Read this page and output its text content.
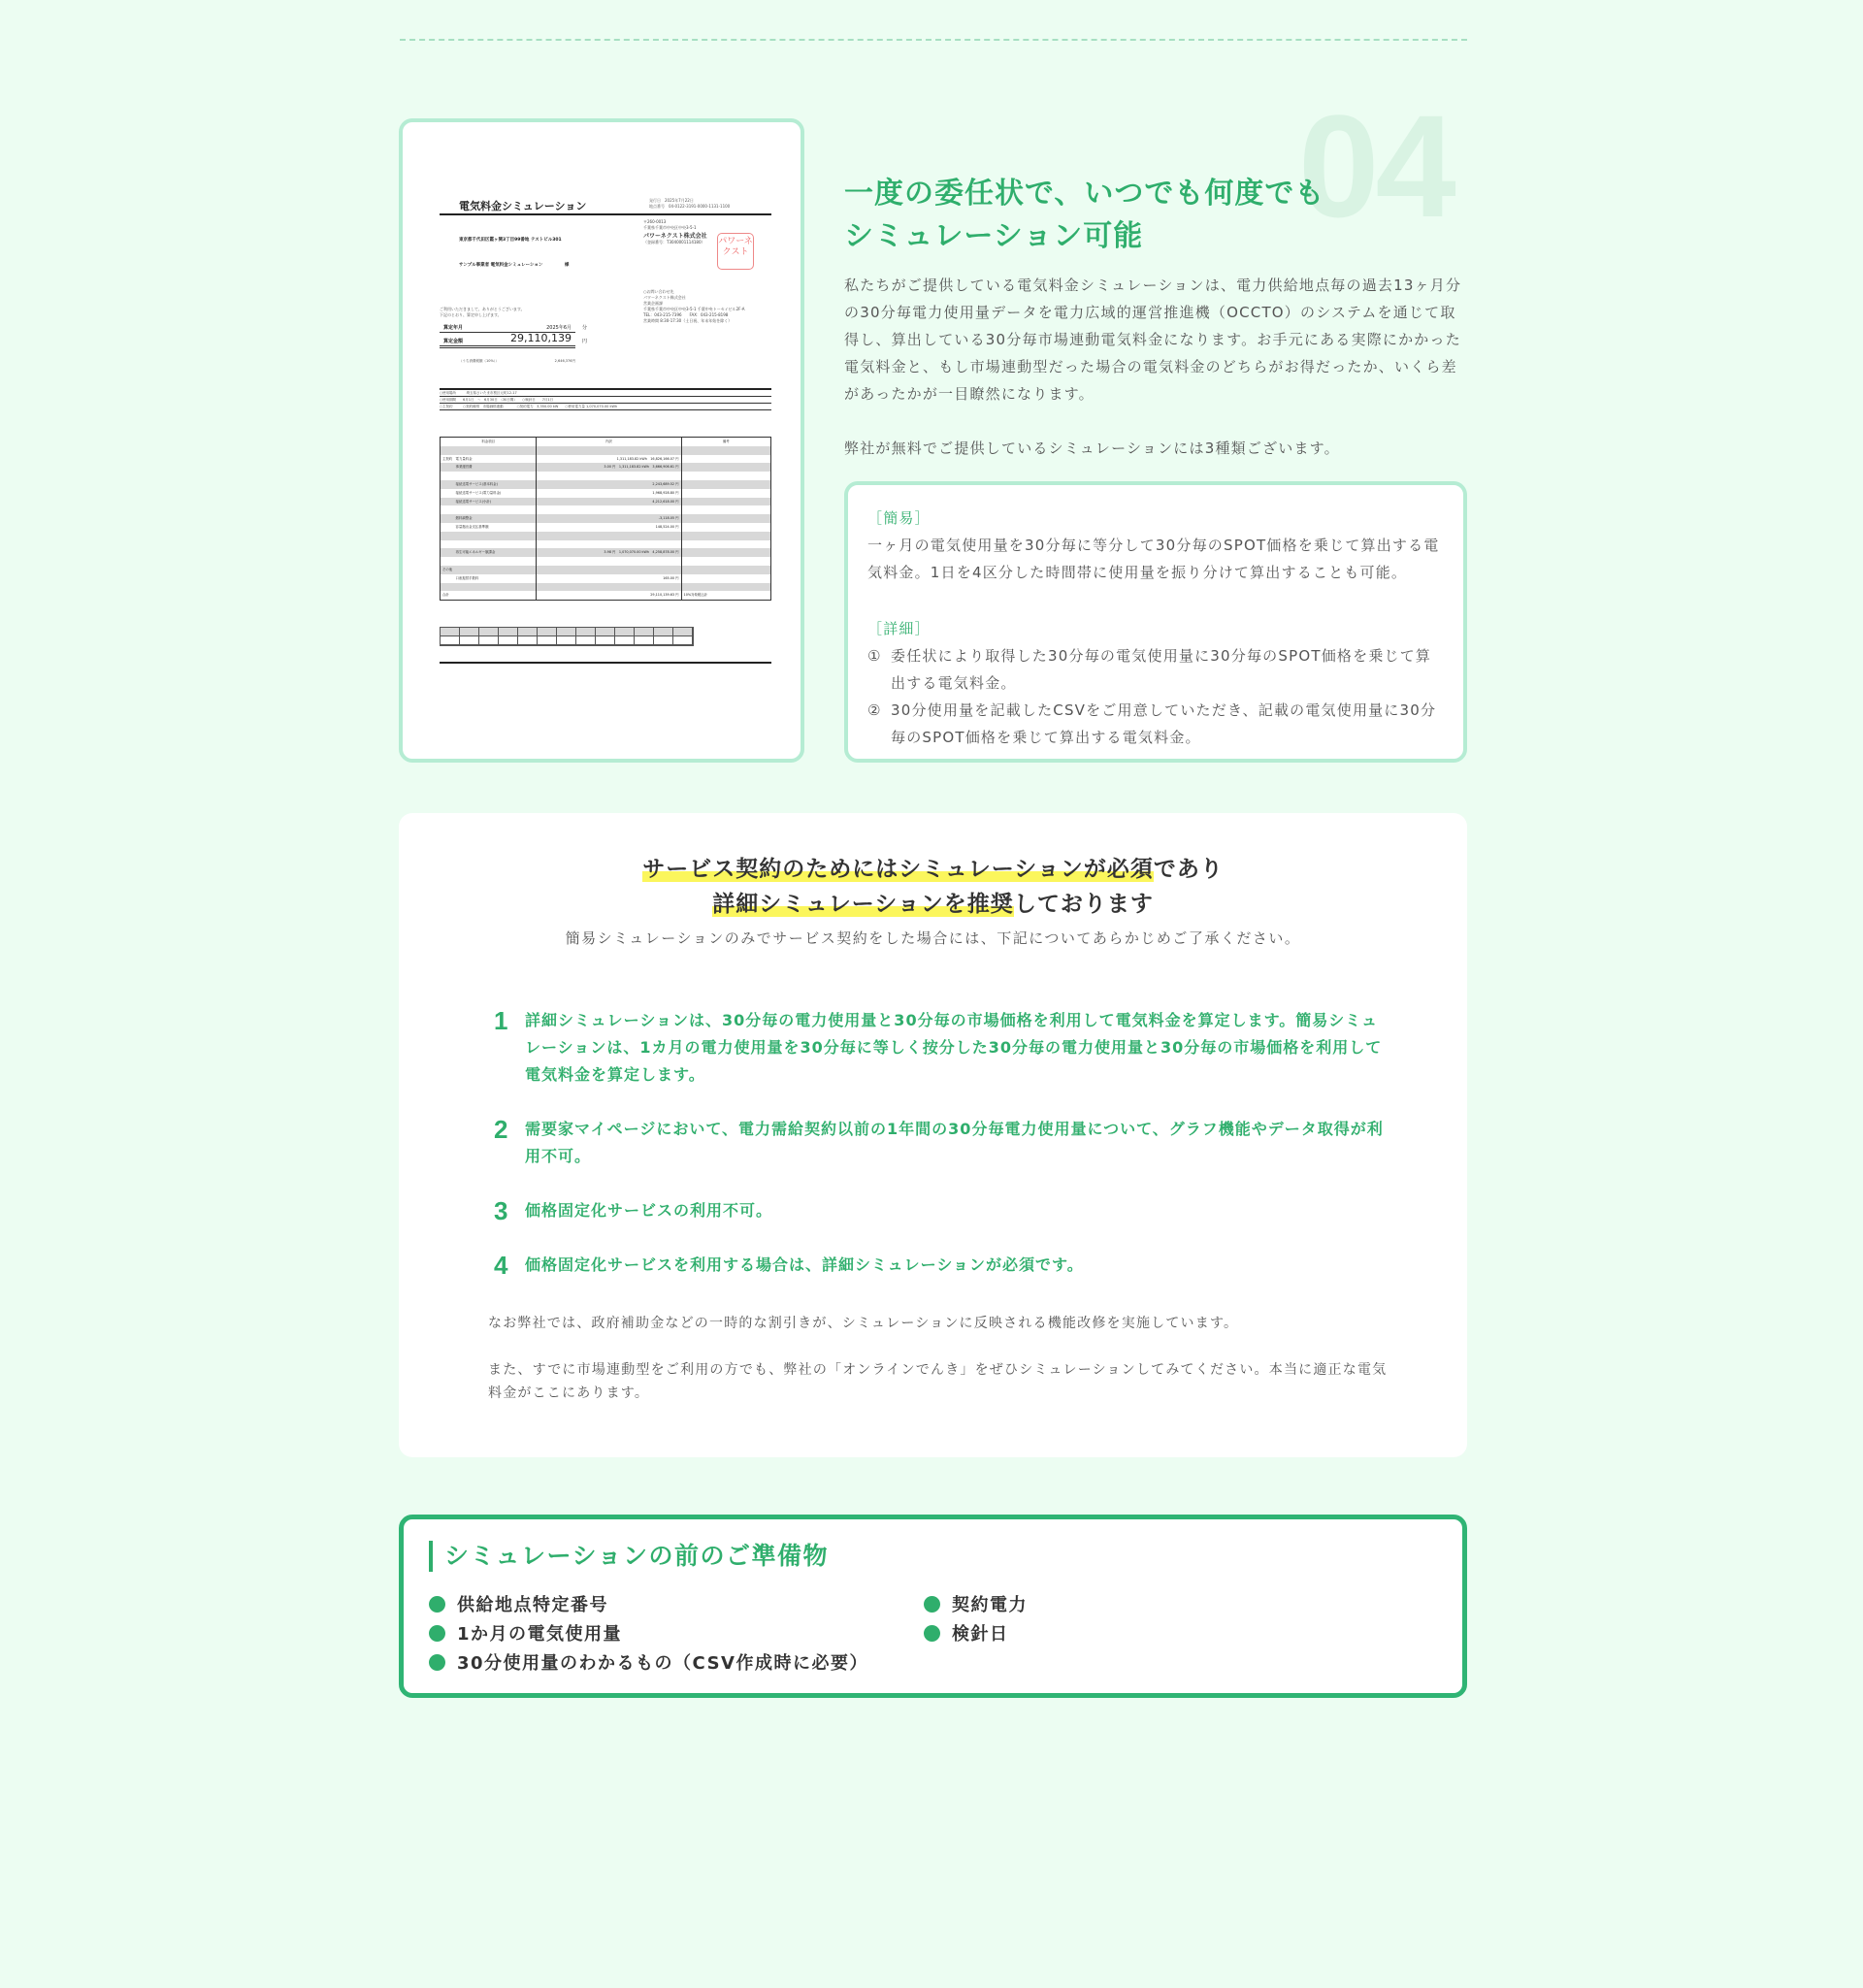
電気料金シミュレーション	発行日　 2025年7月22日
地点番号　 04-0122-3191-0000-1131-1100
東京都千代田区霞ヶ関3丁目99番地 テストビル301
サンプル事業者 電気料金シミュレーション　　　　　	様
〒260-0013
千葉県千葉市中央区中央3-5-1
パワーネクスト株式会社
（登録番号：T3040001114180） パワーネクスト
○お問い合わせ先
パワーネクスト株式会社
営業企画課
千葉県千葉市中央区中央3-5-1 千葉中央トーセイビル2F-A
TEL：043-215-7396　　FAX：043-215-8198
営業時間 8:30-17:30（土日祝、年末年始を除く）
ご利用いただきまして、ありがとうございます。
下記のとおり、算定申し上げます。
算定年月	2025年6月 分
算定金額	29,110,139 円
（うち消費税額（10%））	2,646,376 円
○使用場所　　　埼玉県さいたま市桜区元町12-17
○使用期間　　6月1日　～　6月30日　（30日間）　　○検針日　　7月1日
○主契約　　　○契約種別　市場価格連動　　　　○契約電力　3,350.00 kW　　○使用電力量 1,070,070.00 kWh
料金項目	内訳	備考
主契約　電力量料金	1,311,183.82 kWh　16,826,166.07 円
　　　　事業運営費	3.00 円　1,311,183.82 kWh　3,666,906.61 円
　　　　接続送電サービス(基本料金)	2,243,689.52 円
　　　　接続送電サービス(電力量料金)	1,968,928.80 円
　　　　接続送電サービス(小計)	4,212,618.00 円
　　　　燃料調整金	-3,118.05 円
　　　　容量拠出金支払基準額	148,524.00 円
　　　　再生可能エネルギー賦課金	3.98 円　1,070,070.00 kWh　4,258,878.00 円
その他
　　　　口座振替手数料	165.00 円
合計	29,110,139.63 円	10%対象税込計
04
一度の委任状で、いつでも何度でも
シミュレーション可能
私たちがご提供している電気料金シミュレーションは、電力供給地点毎の過去13ヶ月分の30分毎電力使用量データを電力広域的運営推進機（OCCTO）のシステムを通じて取得し、算出している30分毎市場連動電気料金になります。お手元にある実際にかかった電気料金と、もし市場連動型だった場合の電気料金のどちらがお得だったか、いくら差があったかが一目瞭然になります。
弊社が無料でご提供しているシミュレーションには3種類ございます。
［簡易］
一ヶ月の電気使用量を30分毎に等分して30分毎のSPOT価格を乗じて算出する電気料金。1日を4区分した時間帯に使用量を振り分けて算出することも可能。
［詳細］
① 委任状により取得した30分毎の電気使用量に30分毎のSPOT価格を乗じて算出する電気料金。
② 30分使用量を記載したCSVをご用意していただき、記載の電気使用量に30分毎のSPOT価格を乗じて算出する電気料金。
サービス契約のためにはシミュレーションが必須であり
詳細シミュレーションを推奨しております
簡易シミュレーションのみでサービス契約をした場合には、下記についてあらかじめご了承ください。
1	詳細シミュレーションは、30分毎の電力使用量と30分毎の市場価格を利用して電気料金を算定します。簡易シミュレーションは、1カ月の電力使用量を30分毎に等しく按分した30分毎の電力使用量と30分毎の市場価格を利用して電気料金を算定します。
2	需要家マイページにおいて、電力需給契約以前の1年間の30分毎電力使用量について、グラフ機能やデータ取得が利用不可。
3	価格固定化サービスの利用不可。
4	価格固定化サービスを利用する場合は、詳細シミュレーションが必須です。
なお弊社では、政府補助金などの一時的な割引きが、シミュレーションに反映される機能改修を実施しています。
また、すでに市場連動型をご利用の方でも、弊社の「オンラインでんき」をぜひシミュレーションしてみてください。本当に適正な電気料金がここにあります。
シミュレーションの前のご準備物
供給地点特定番号
1か月の電気使用量
30分使用量のわかるもの（CSV作成時に必要）
契約電力
検針日
